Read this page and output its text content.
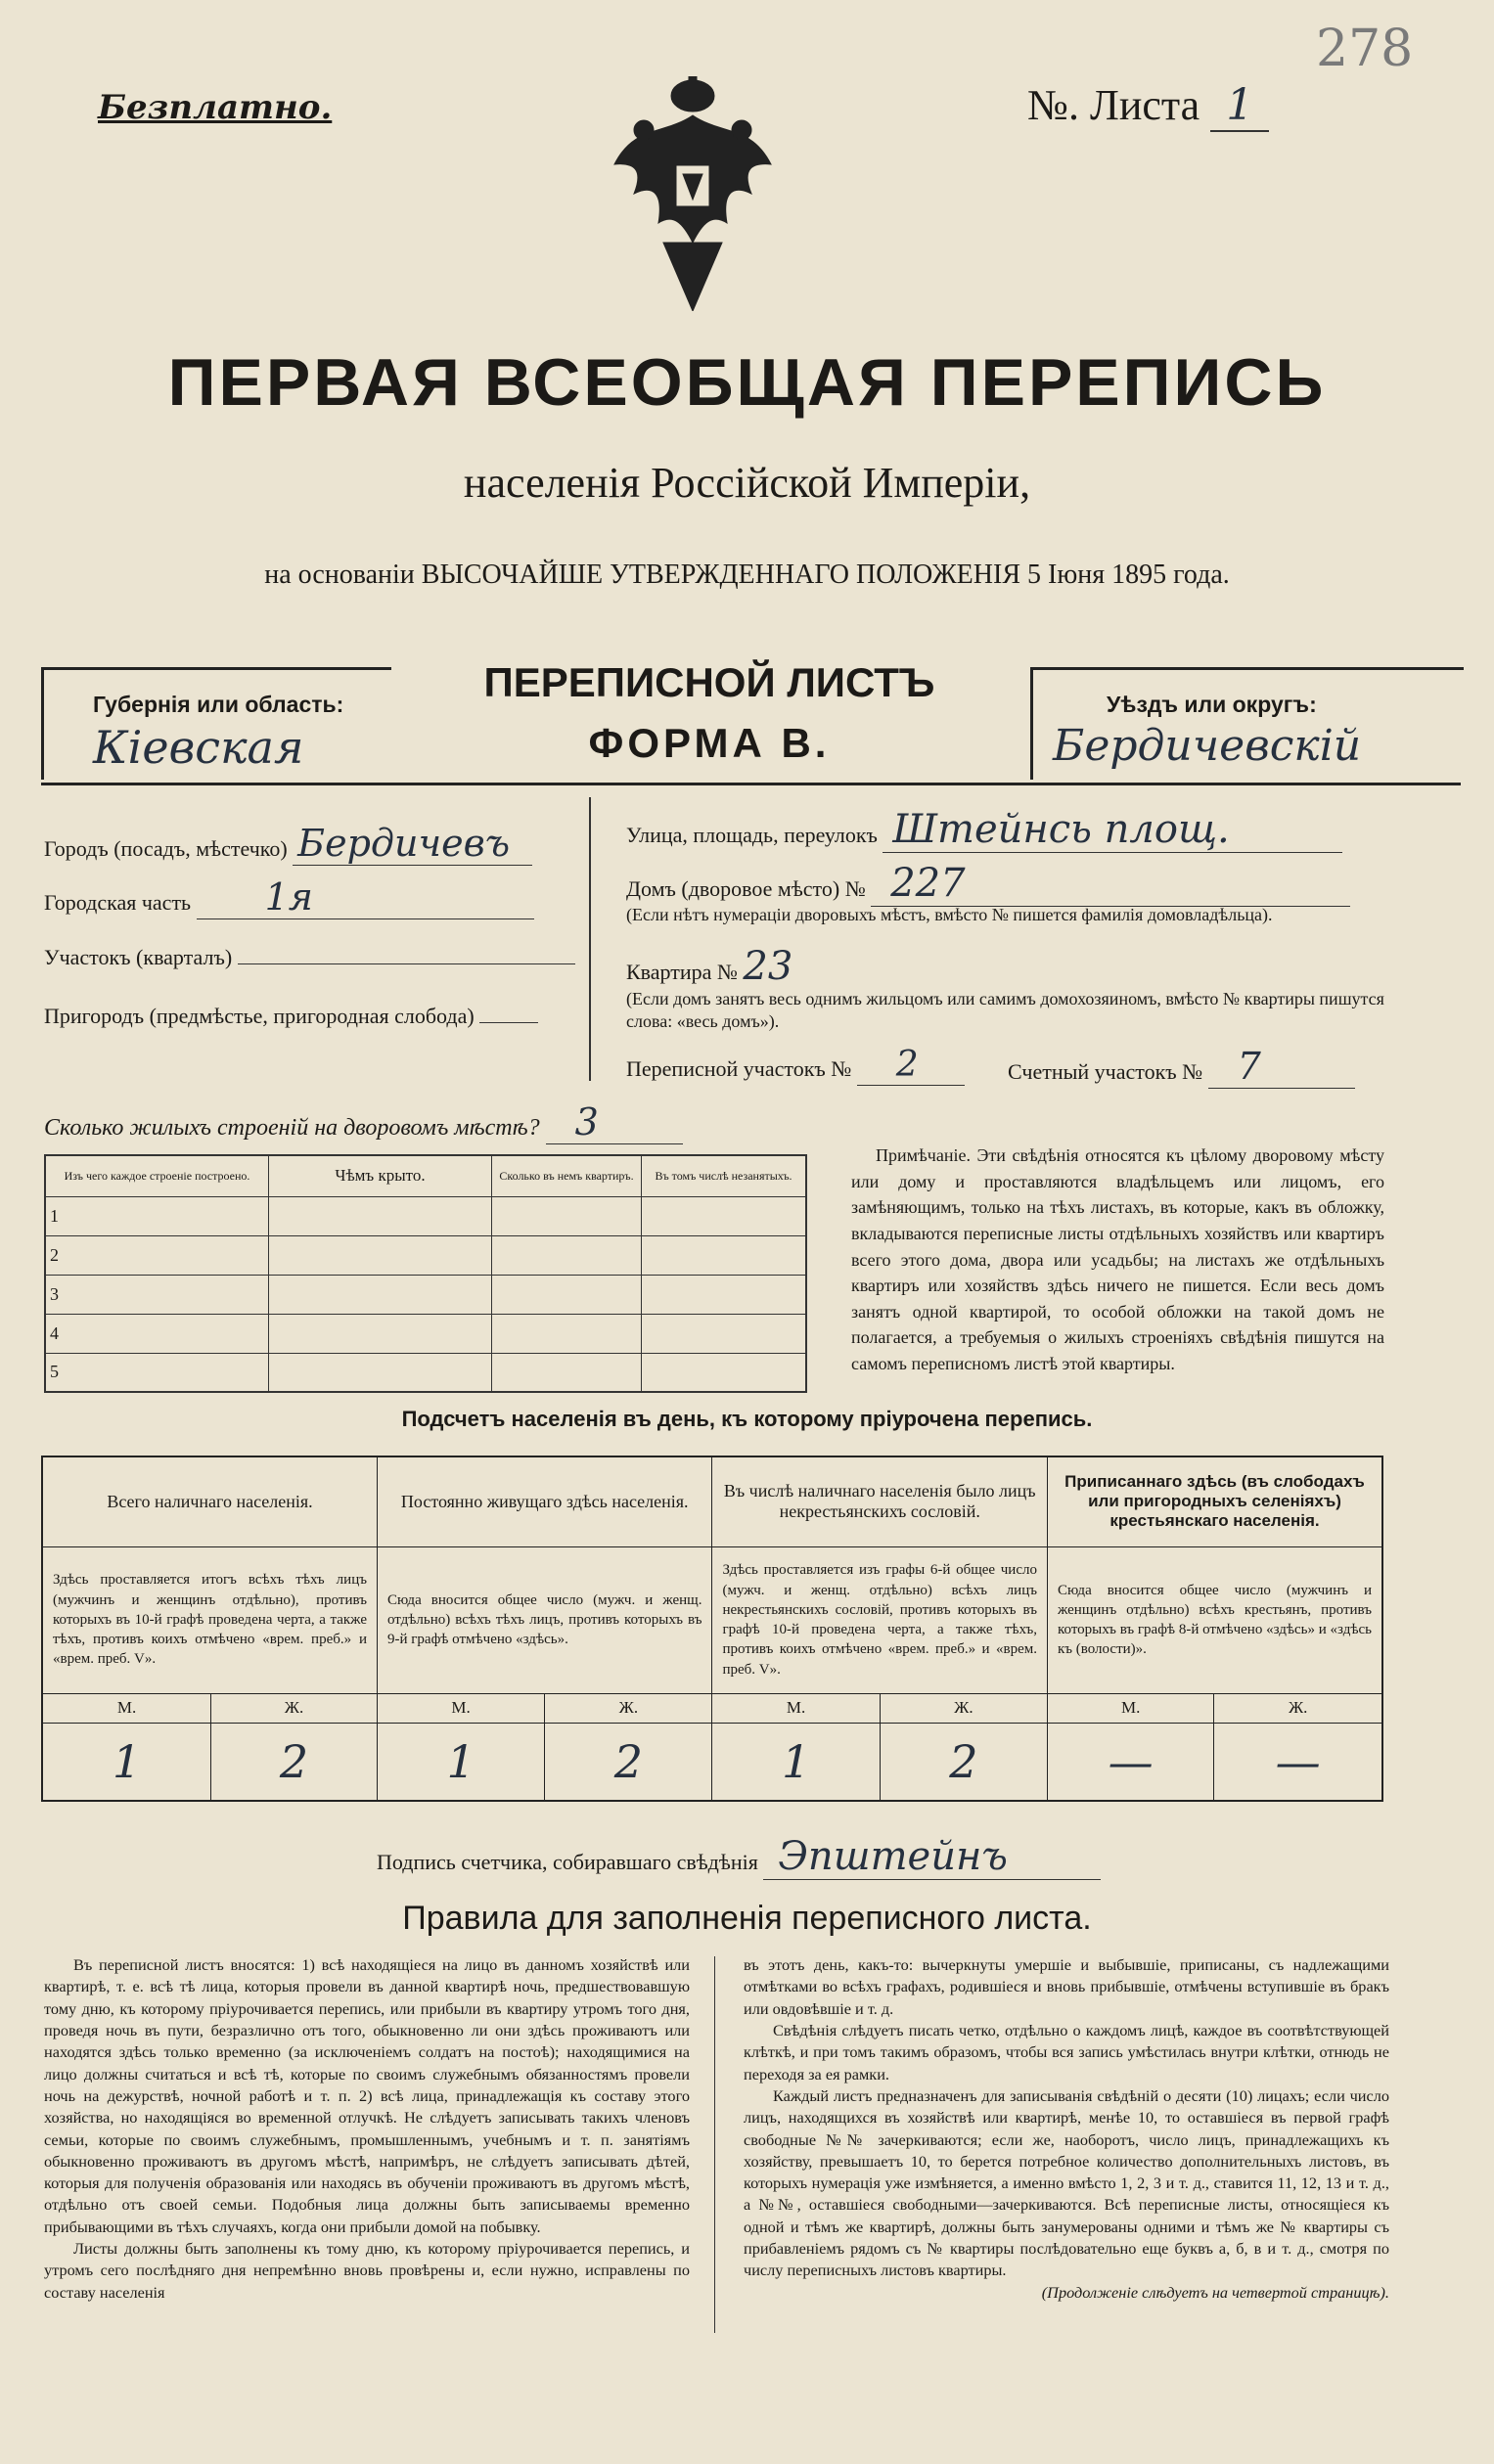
Безплатно.	№. Листа 1
278
ПЕРВАЯ ВСЕОБЩАЯ ПЕРЕПИСЬ
населенія Россійской Имперіи,
на основаніи ВЫСОЧАЙШЕ УТВЕРЖДЕННАГО ПОЛОЖЕНІЯ 5 Іюня 1895 года.
Губернія или область:
Кіевская
ПЕРЕПИСНОЙ ЛИСТЪ
ФОРМА В.
Уѣздъ или округъ:
Бердичевскій
Городъ (посадъ, мѣстечко) Бердичевъ
Городская часть 1я
Участокъ (кварталъ)
Пригородъ (предмѣстье, пригородная слобода)
Улица, площадь, переулокъ Штейнсь площ.
Домъ (дворовое мѣсто) № 227
(Если нѣтъ нумераціи дворовыхъ мѣстъ, вмѣсто № пишется фамилія домовладѣльца).
Квартира № 23
(Если домъ занятъ весь однимъ жильцомъ или самимъ домохозяиномъ, вмѣсто № квартиры пишутся слова: «весь домъ»).
Переписной участокъ № 2	Счетный участокъ № 7
Сколько жилыхъ строеній на дворовомъ мѣстѣ? 3
Изъ чего каждое строеніе построено.	Чѣмъ крыто.	Сколько въ немъ квартиръ.	Въ томъ числѣ незанятыхъ.
1			
2			
3			
4			
5			
Примѣчаніе. Эти свѣдѣнія относятся къ цѣлому дворовому мѣсту или дому и проставляются владѣльцемъ или лицомъ, его замѣняющимъ, только на тѣхъ листахъ, въ которые, какъ въ обложку, вкладываются переписные листы отдѣльныхъ хозяйствъ или квартиръ всего этого дома, двора или усадьбы; на листахъ же отдѣльныхъ квартиръ или хозяйствъ здѣсь ничего не пишется. Если весь домъ занятъ одной квартирой, то особой обложки на такой домъ не полагается, а требуемыя о жилыхъ строеніяхъ свѣдѣнія пишутся на самомъ переписномъ листѣ этой квартиры.
Подсчетъ населенія въ день, къ которому пріурочена перепись.
Всего наличнаго населенія.		Постоянно живущаго здѣсь населенія.		Въ числѣ наличнаго населенія было лицъ некрестьянскихъ сословій.		Приписаннаго здѣсь (въ слободахъ или пригородныхъ селеніяхъ) крестьянскаго населенія.	
Здѣсь проставляется итогъ всѣхъ тѣхъ лицъ (мужчинъ и женщинъ отдѣльно), противъ которыхъ въ 10-й графѣ проведена черта, а также тѣхъ, противъ коихъ отмѣчено «врем. преб.» и «врем. преб. V».		Сюда вносится общее число (мужч. и женщ. отдѣльно) всѣхъ тѣхъ лицъ, противъ которыхъ въ 9-й графѣ отмѣчено «здѣсь».		Здѣсь проставляется изъ графы 6-й общее число (мужч. и женщ. отдѣльно) всѣхъ лицъ некрестьянскихъ сословій, противъ которыхъ въ графѣ 10-й проведена черта, а также тѣхъ, противъ коихъ отмѣчено «врем. преб.» и «врем. преб. V».		Сюда вносится общее число (мужчинъ и женщинъ отдѣльно) всѣхъ крестьянъ, противъ которыхъ въ графѣ 8-й отмѣчено «здѣсь» и «здѣсь къ (волости)».	
М.	Ж.	М.	Ж.	М.	Ж.	М.	Ж.
1	2	1	2	1	2	—	—
Подпись счетчика, собиравшаго свѣдѣнія Эпштейнъ
Правила для заполненія переписного листа.

Въ переписной листъ вносятся: 1) всѣ находящіеся на лицо въ данномъ хозяйствѣ или квартирѣ, т. е. всѣ тѣ лица, которыя провели въ данной квартирѣ ночь, предшествовавшую тому дню, къ которому пріурочивается перепись, или прибыли въ квартиру утромъ того дня, проведя ночь въ пути, безразлично отъ того, обыкновенно ли они здѣсь проживаютъ или находятся здѣсь только временно (за исключеніемъ солдатъ на постоѣ); находящимися на лицо должны считаться и всѣ тѣ, которые по своимъ служебнымъ обязанностямъ провели ночь на дежурствѣ, ночной работѣ и т. п. 2) всѣ лица, принадлежащія къ составу этого хозяйства, но находящіяся во временной отлучкѣ. Не слѣдуетъ записывать такихъ членовъ семьи, которые по своимъ служебнымъ, промышленнымъ, учебнымъ и т. п. занятіямъ обыкновенно проживаютъ въ другомъ мѣстѣ, напримѣръ, не слѣдуетъ записывать дѣтей, которыя для полученія образованія или находясь въ обученіи проживаютъ въ другомъ мѣстѣ, отдѣльно отъ своей семьи. Подобныя лица должны быть записываемы временно прибывающими въ тѣхъ случаяхъ, когда они прибыли домой на побывку.

Листы должны быть заполнены къ тому дню, къ которому пріурочивается перепись, и утромъ сего послѣдняго дня непремѣнно вновь провѣрены и, если нужно, исправлены по составу населенія

въ этотъ день, какъ-то: вычеркнуты умершіе и выбывшіе, приписаны, съ надлежащими отмѣтками во всѣхъ графахъ, родившіеся и вновь прибывшіе, отмѣчены вступившіе въ бракъ или овдовѣвшіе и т. д.

Свѣдѣнія слѣдуетъ писать четко, отдѣльно о каждомъ лицѣ, каждое въ соотвѣтствующей клѣткѣ, и при томъ такимъ образомъ, чтобы вся запись умѣстилась внутри клѣтки, отнюдь не переходя за ея рамки.

Каждый листъ предназначенъ для записыванія свѣдѣній о десяти (10) лицахъ; если число лицъ, находящихся въ хозяйствѣ или квартирѣ, менѣе 10, то оставшіеся въ первой графѣ свободные №№ зачеркиваются; если же, наоборотъ, число лицъ, принадлежащихъ къ хозяйству, превышаетъ 10, то берется потребное количество дополнительныхъ листовъ, въ которыхъ нумерація уже измѣняется, а именно вмѣсто 1, 2, 3 и т. д., ставится 11, 12, 13 и т. д., а №№, оставшіеся свободными—зачеркиваются. Всѣ переписные листы, относящіеся къ одной и тѣмъ же квартирѣ, должны быть занумерованы одними и тѣмъ же № квартиры съ прибавленіемъ рядомъ съ № квартиры послѣдовательно еще буквъ а, б, в и т. д., смотря по числу переписныхъ листовъ квартиры.

(Продолженіе слѣдуетъ на четвертой страницѣ).
